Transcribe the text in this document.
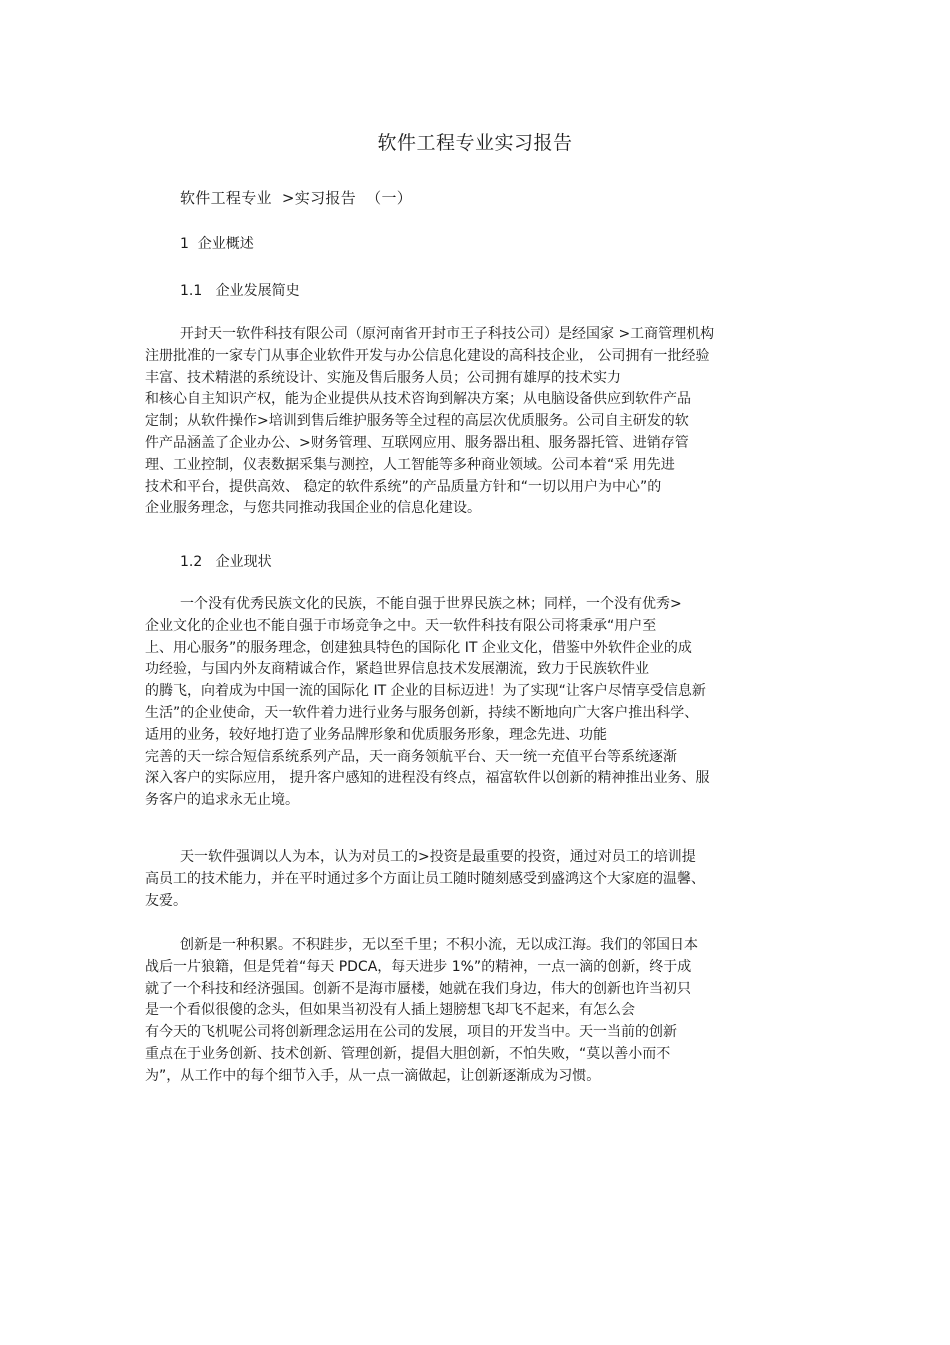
软件工程专业实习报告
软件工程专业  >实习报告  （一）
1  企业概述
1.1   企业发展简史
开封天一软件科技有限公司（原河南省开封市王子科技公司）是经国家 >工商管理机构
注册批准的一家专门从事企业软件开发与办公信息化建设的高科技企业， 公司拥有一批经验
丰富、技术精湛的系统设计、实施及售后服务人员；公司拥有雄厚的技术实力
和核心自主知识产权，能为企业提供从技术咨询到解决方案；从电脑设备供应到软件产品
定制；从软件操作>培训到售后维护服务等全过程的高层次优质服务。公司自主研发的软
件产品涵盖了企业办公、>财务管理、互联网应用、服务器出租、服务器托管、进销存管
理、工业控制，仪表数据采集与测控，人工智能等多种商业领域。公司本着“采 用先进
技术和平台，提供高效、 稳定的软件系统”的产品质量方针和“一切以用户为中心”的
企业服务理念，与您共同推动我国企业的信息化建设。
1.2   企业现状
一个没有优秀民族文化的民族，不能自强于世界民族之林；同样，一个没有优秀>
企业文化的企业也不能自强于市场竞争之中。天一软件科技有限公司将秉承“用户至
上、用心服务”的服务理念，创建独具特色的国际化 IT 企业文化，借鉴中外软件企业的成
功经验，与国内外友商精诚合作，紧趋世界信息技术发展潮流，致力于民族软件业
的腾飞，向着成为中国一流的国际化 IT 企业的目标迈进！为了实现“让客户尽情享受信息新
生活”的企业使命，天一软件着力进行业务与服务创新，持续不断地向广大客户推出科学、
适用的业务，较好地打造了业务品牌形象和优质服务形象，理念先进、功能
完善的天一综合短信系统系列产品，天一商务领航平台、天一统一充值平台等系统逐渐
深入客户的实际应用， 提升客户感知的进程没有终点，福富软件以创新的精神推出业务、服
务客户的追求永无止境。
天一软件强调以人为本，认为对员工的>投资是最重要的投资，通过对员工的培训提
高员工的技术能力，并在平时通过多个方面让员工随时随刻感受到盛鸿这个大家庭的温馨、
友爱。
创新是一种积累。不积跬步，无以至千里；不积小流，无以成江海。我们的邻国日本
战后一片狼籍，但是凭着“每天 PDCA，每天进步 1%”的精神，一点一滴的创新，终于成
就了一个科技和经济强国。创新不是海市蜃楼，她就在我们身边，伟大的创新也许当初只
是一个看似很傻的念头，但如果当初没有人插上翅膀想飞却飞不起来，有怎么会
有今天的飞机呢公司将创新理念运用在公司的发展，项目的开发当中。天一当前的创新
重点在于业务创新、技术创新、管理创新，提倡大胆创新，不怕失败，“莫以善小而不
为”，从工作中的每个细节入手，从一点一滴做起，让创新逐渐成为习惯。
